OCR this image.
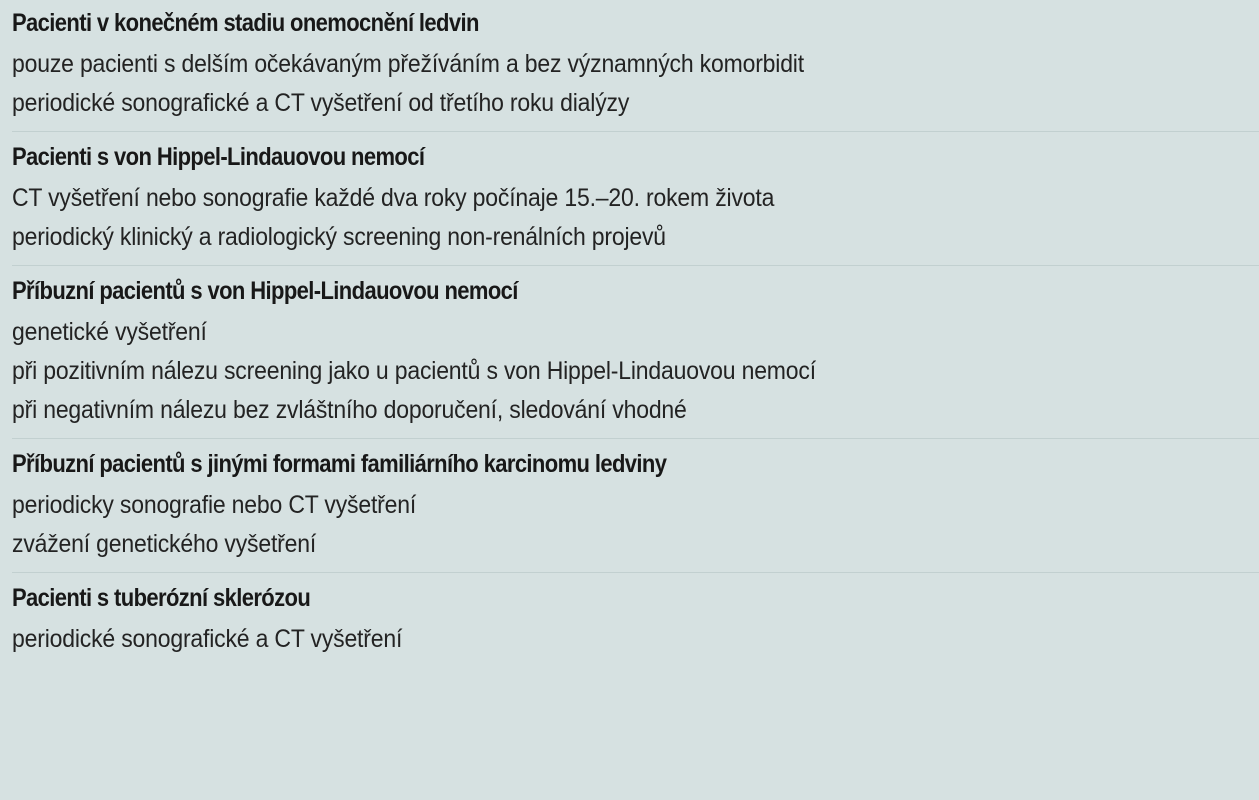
Pacienti v konečném stadiu onemocnění ledvin
pouze pacienti s delším očekávaným přežíváním a bez významných komorbidit
periodické sonografické a CT vyšetření od třetího roku dialýzy
Pacienti s von Hippel-Lindauovou nemocí
CT vyšetření nebo sonografie každé dva roky počínaje 15.–20. rokem života
periodický klinický a radiologický screening non-renálních projevů
Příbuzní pacientů s von Hippel-Lindauovou nemocí
genetické vyšetření
při pozitivním nálezu screening jako u pacientů s von Hippel-Lindauovou nemocí
při negativním nálezu bez zvláštního doporučení, sledování vhodné
Příbuzní pacientů s jinými formami familiárního karcinomu ledviny
periodicky sonografie nebo CT vyšetření
zvážení genetického vyšetření
Pacienti s tuberózní sklerózou
periodické sonografické a CT vyšetření
